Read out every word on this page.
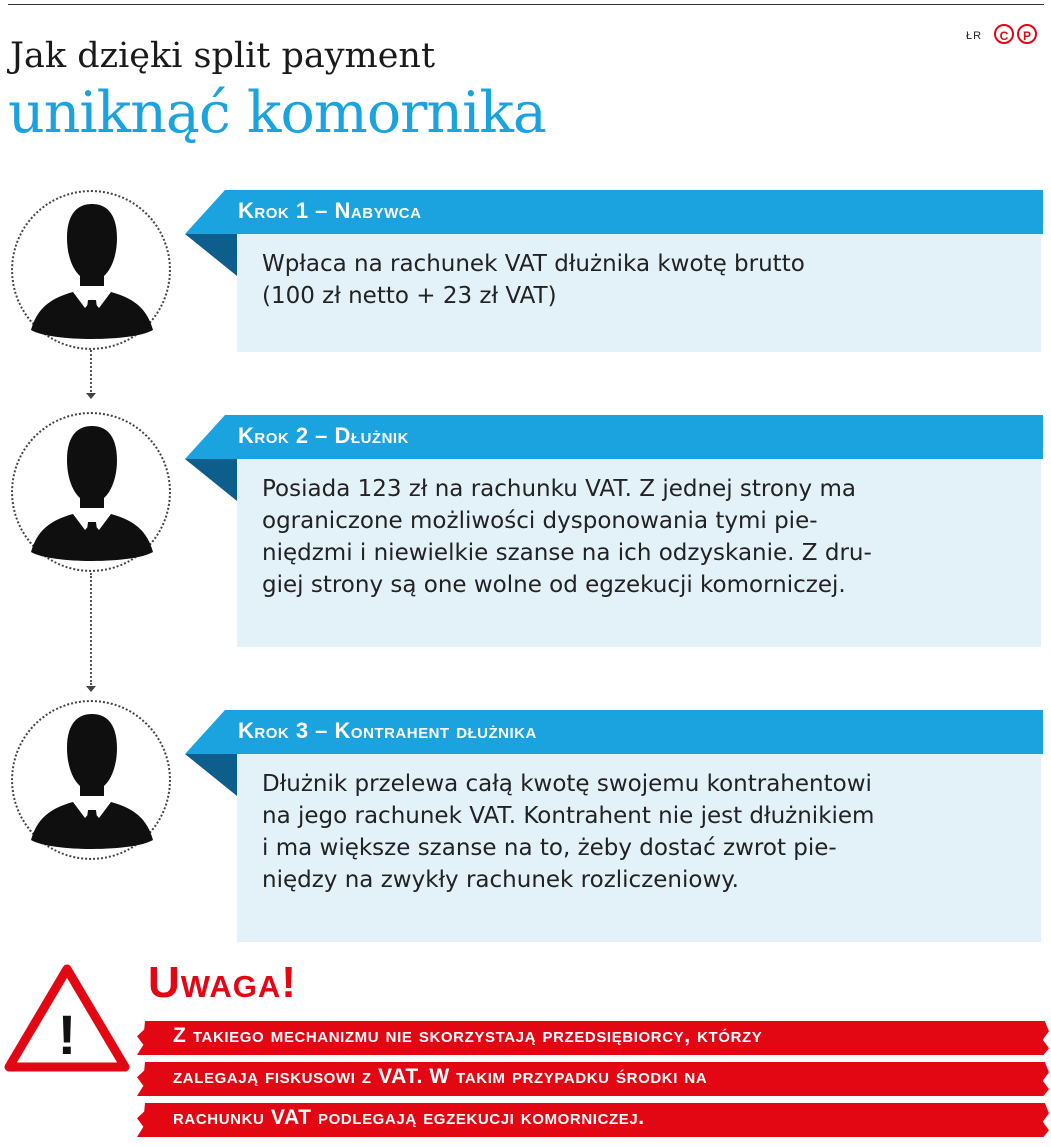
ŁR	C	P
Jak dzięki split payment
uniknąć komornika
Krok 1 – Nabywca
Wpłaca na rachunek VAT dłużnika kwotę brutto
(100 zł netto + 23 zł VAT)
Krok 2 – Dłużnik
Posiada 123 zł na rachunku VAT. Z jednej strony ma
ograniczone możliwości dysponowania tymi pie-
niędzmi i niewielkie szanse na ich odzyskanie. Z dru-
giej strony są one wolne od egzekucji komorniczej.
Krok 3 – Kontrahent dłużnika
Dłużnik przelewa całą kwotę swojemu kontrahentowi
na jego rachunek VAT. Kontrahent nie jest dłużnikiem
i ma większe szanse na to, żeby dostać zwrot pie-
niędzy na zwykły rachunek rozliczeniowy.
!
Uwaga!
Z takiego mechanizmu nie skorzystają przedsiębiorcy, którzy
zalegają fiskusowi z VAT. W takim przypadku środki na
rachunku VAT podlegają egzekucji komorniczej.
